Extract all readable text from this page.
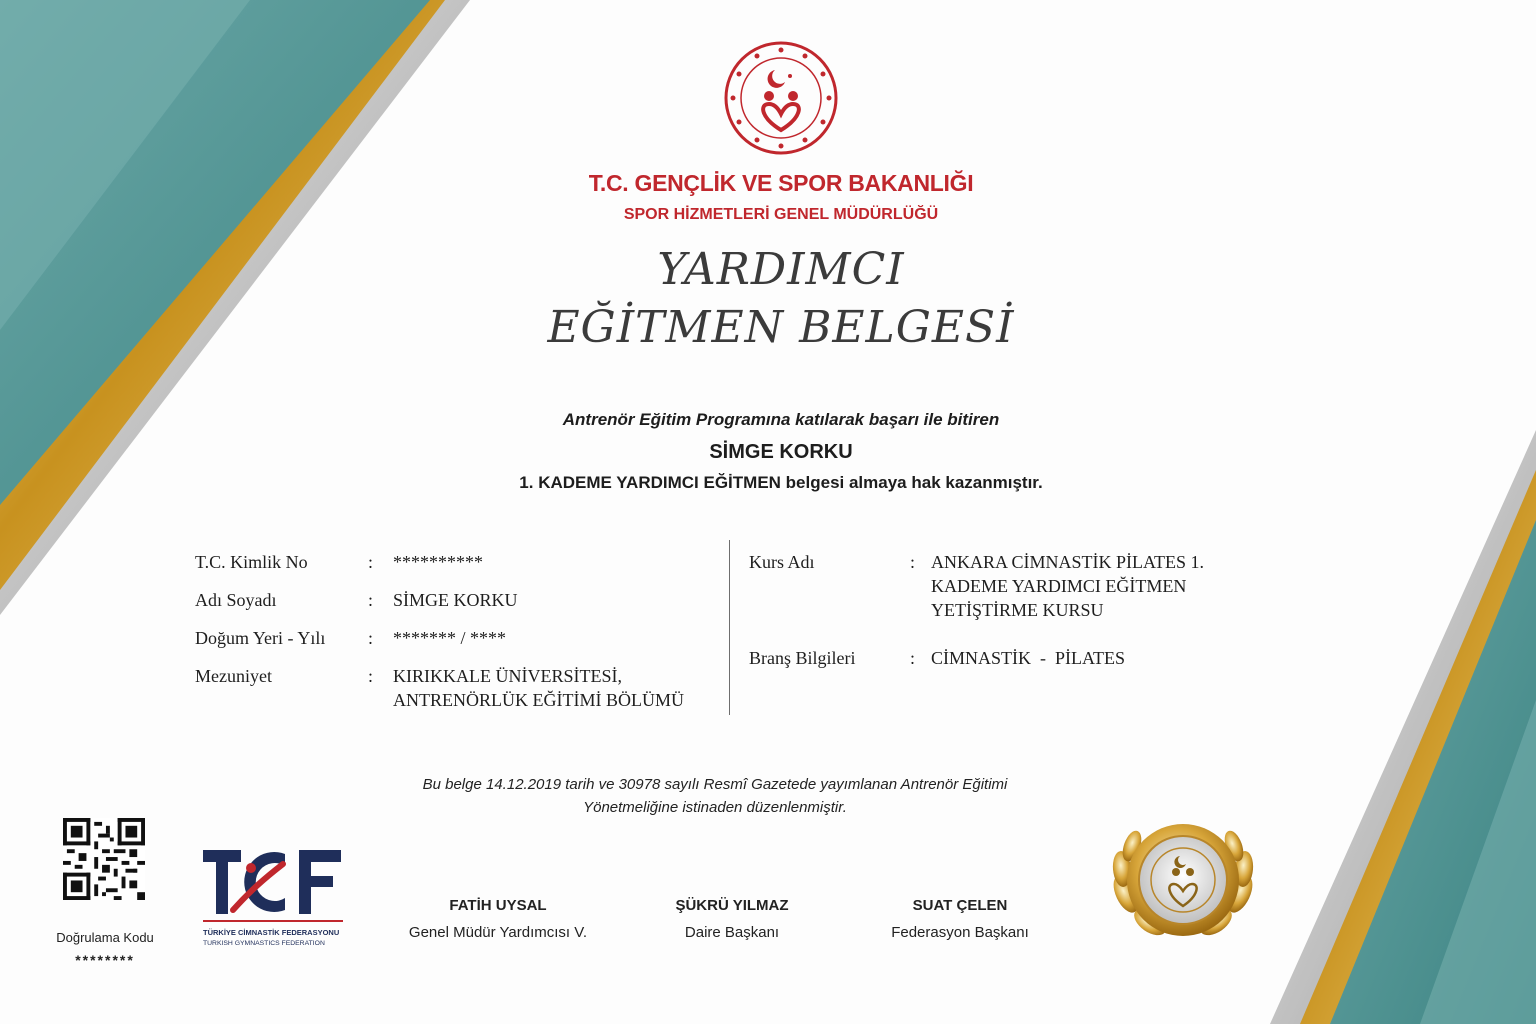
T.C. GENÇLİK VE SPOR BAKANLIĞI
SPOR HİZMETLERİ GENEL MÜDÜRLÜĞÜ
YARDIMCI
EĞİTMEN BELGESİ
Antrenör Eğitim Programına katılarak başarı ile bitiren
SİMGE KORKU
1. KADEME YARDIMCI EĞİTMEN belgesi almaya hak kazanmıştır.
T.C. Kimlik No	: **********
Adı Soyadı	: SİMGE KORKU
Doğum Yeri - Yılı	: ******* / ****
Mezuniyet	: KIRIKKALE ÜNİVERSİTESİ,
ANTRENÖRLÜK EĞİTİMİ BÖLÜMÜ
Kurs Adı	: ANKARA CİMNASTİK PİLATES 1.
KADEME YARDIMCI EĞİTMEN
YETİŞTİRME KURSU
Branş Bilgileri	: CİMNASTİK  -  PİLATES
Bu belge 14.12.2019 tarih ve 30978 sayılı Resmî Gazetede yayımlanan Antrenör Eğitimi
Yönetmeliğine istinaden düzenlenmiştir.
Doğrulama Kodu
********
TÜRKİYE CİMNASTİK FEDERASYONU
TURKISH GYMNASTICS FEDERATION
FATİH UYSAL
Genel Müdür Yardımcısı V.
ŞÜKRÜ YILMAZ
Daire Başkanı
SUAT ÇELEN
Federasyon Başkanı
